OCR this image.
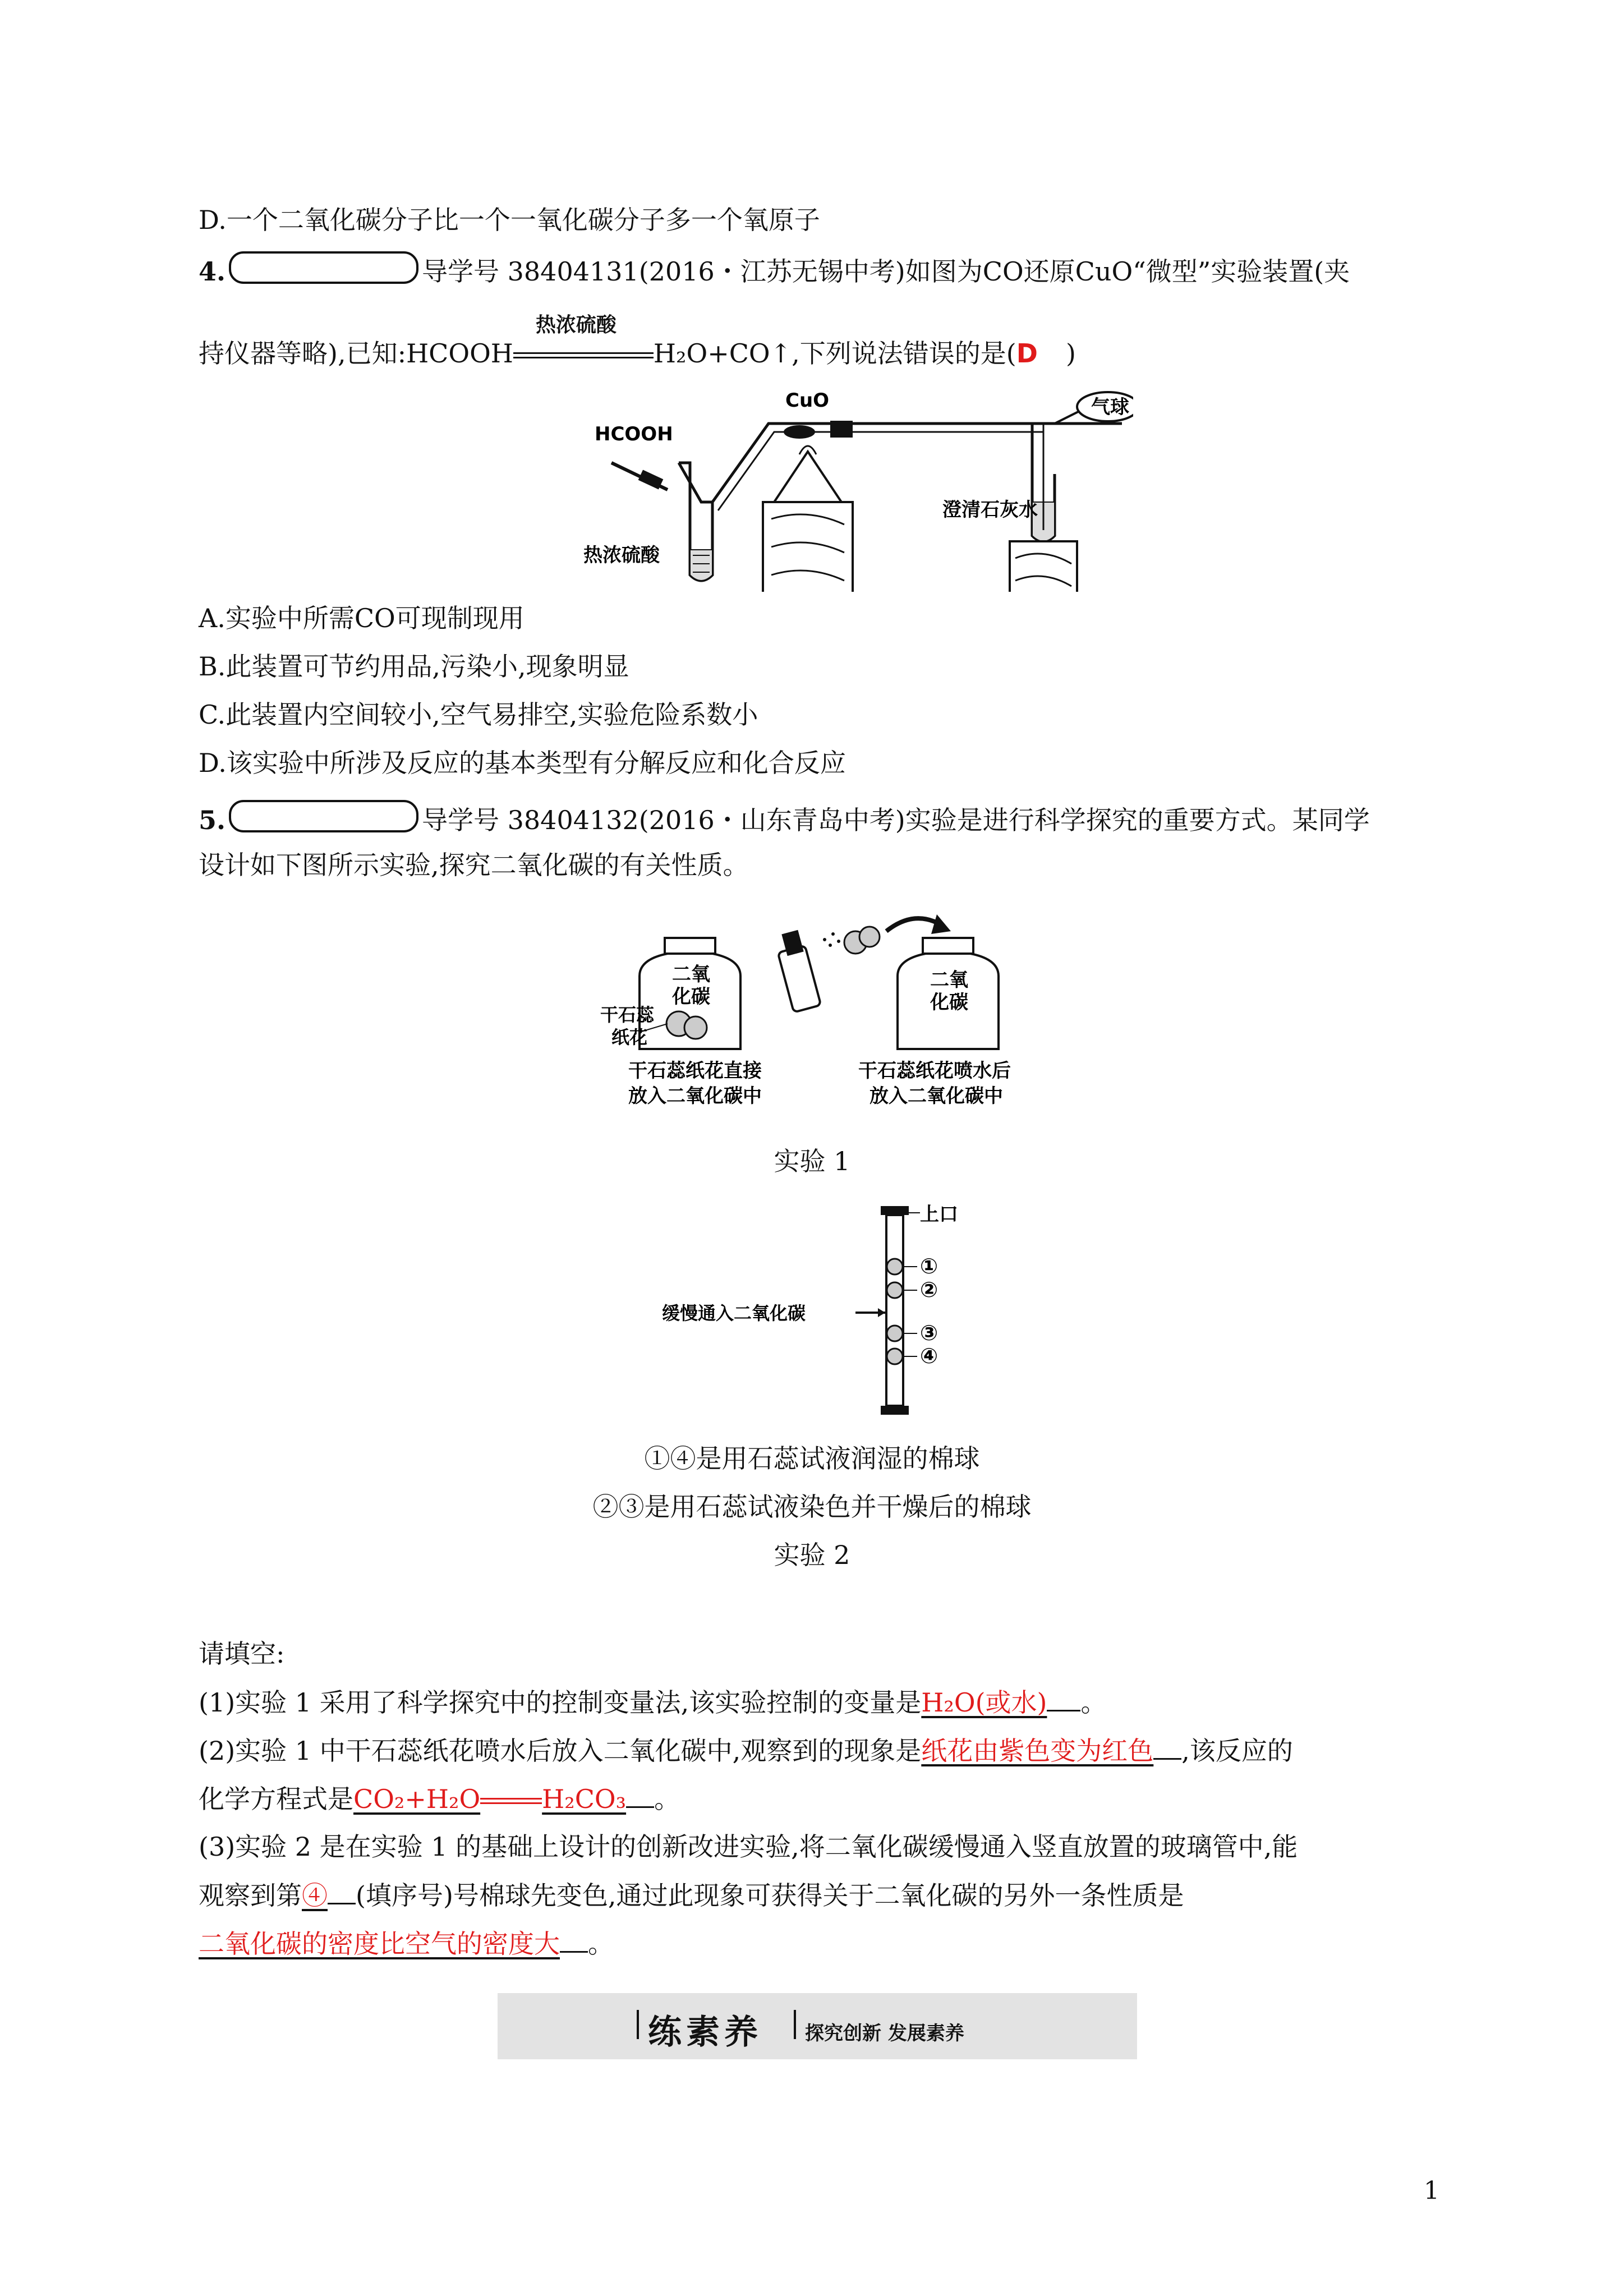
D.一个二氧化碳分子比一个一氧化碳分子多一个氧原子
4.	导学号 38404131(2016・江苏无锡中考)如图为CO还原CuO“微型”实验装置(夹
持仪器等略),已知:HCOOH
热浓硫酸
H₂O+CO↑,下列说法错误的是(D )
气球
HCOOH
CuO
澄清石灰水
热浓硫酸
A.实验中所需CO可现制现用
B.此装置可节约用品,污染小,现象明显
C.此装置内空间较小,空气易排空,实验危险系数小
D.该实验中所涉及反应的基本类型有分解反应和化合反应
5.	导学号 38404132(2016・山东青岛中考)实验是进行科学探究的重要方式。某同学
设计如下图所示实验,探究二氧化碳的有关性质。
二氧
化碳
干石蕊
纸花
干石蕊纸花直接
放入二氧化碳中
二氧
化碳
干石蕊纸花喷水后
放入二氧化碳中
实验 1
上口
①
②
③
④
缓慢通入二氧化碳
①④是用石蕊试液润湿的棉球
②③是用石蕊试液染色并干燥后的棉球
实验 2
请填空:
(1)实验 1 采用了科学探究中的控制变量法,该实验控制的变量是H₂O(或水) 。
(2)实验 1 中干石蕊纸花喷水后放入二氧化碳中,观察到的现象是纸花由紫色变为红色 ,该反应的
化学方程式是CO₂+H₂O H₂CO₃ 。
(3)实验 2 是在实验 1 的基础上设计的创新改进实验,将二氧化碳缓慢通入竖直放置的玻璃管中,能
观察到第④ (填序号)号棉球先变色,通过此现象可获得关于二氧化碳的另外一条性质是
二氧化碳的密度比空气的密度大 。
练素养 探究创新 发展素养
1
